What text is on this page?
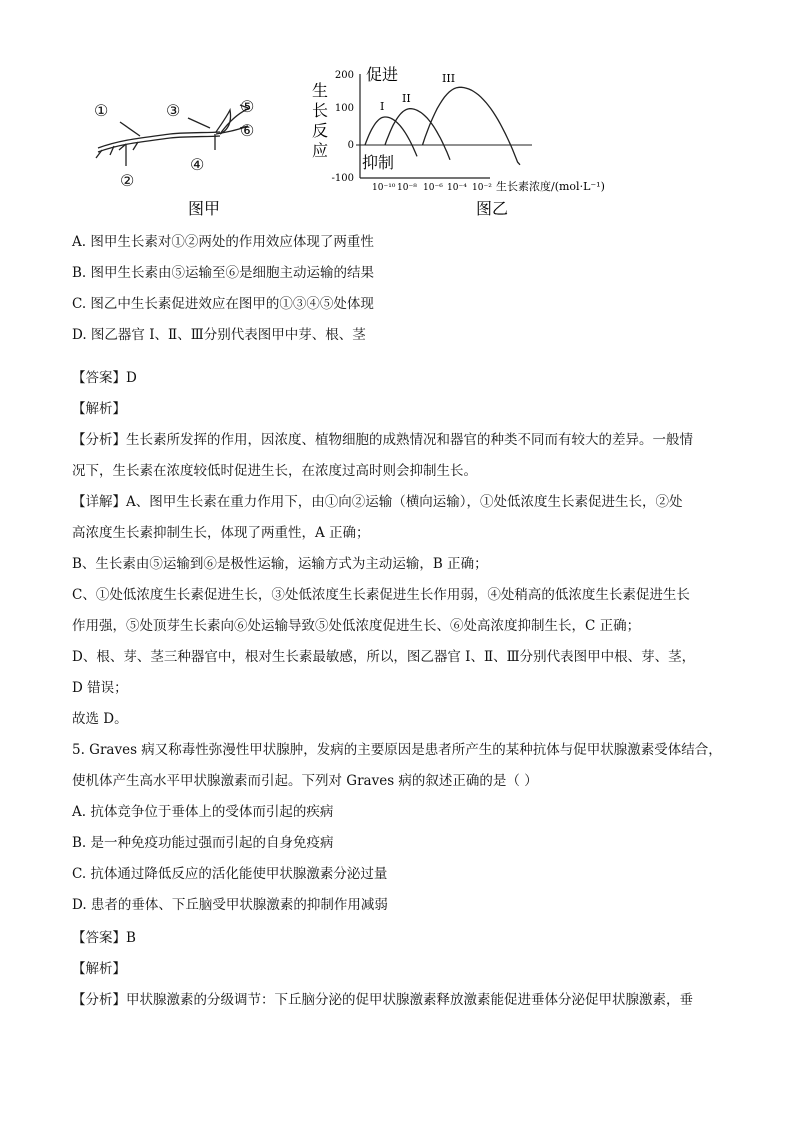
①
②
③
④
⑤
⑥
图甲
生
长
反
应
200
100
0
-100
促进
抑制
I
II
III
10⁻¹⁰ 10⁻⁸ 10⁻⁶ 10⁻⁴ 10⁻² 生长素浓度/(mol·L⁻¹)
图乙
A. 图甲生长素对①②两处的作用效应体现了两重性
B. 图甲生长素由⑤运输至⑥是细胞主动运输的结果
C. 图乙中生长素促进效应在图甲的①③④⑤处体现
D. 图乙器官 I、Ⅱ、Ⅲ分别代表图甲中芽、根、茎
【答案】D
【解析】
【分析】生长素所发挥的作用，因浓度、植物细胞的成熟情况和器官的种类不同而有较大的差异。一般情
况下，生长素在浓度较低时促进生长，在浓度过高时则会抑制生长。
【详解】A、图甲生长素在重力作用下，由①向②运输（横向运输），①处低浓度生长素促进生长，②处
高浓度生长素抑制生长，体现了两重性，A 正确；
B、生长素由⑤运输到⑥是极性运输，运输方式为主动运输，B 正确；
C、①处低浓度生长素促进生长，③处低浓度生长素促进生长作用弱，④处稍高的低浓度生长素促进生长
作用强，⑤处顶芽生长素向⑥处运输导致⑤处低浓度促进生长、⑥处高浓度抑制生长，C 正确；
D、根、芽、茎三种器官中，根对生长素最敏感，所以，图乙器官 I、Ⅱ、Ⅲ分别代表图甲中根、芽、茎，
D 错误；
故选 D。
5. Graves 病又称毒性弥漫性甲状腺肿，发病的主要原因是患者所产生的某种抗体与促甲状腺激素受体结合，
使机体产生高水平甲状腺激素而引起。下列对 Graves 病的叙述正确的是（ ）
A. 抗体竞争位于垂体上的受体而引起的疾病
B. 是一种免疫功能过强而引起的自身免疫病
C. 抗体通过降低反应的活化能使甲状腺激素分泌过量
D. 患者的垂体、下丘脑受甲状腺激素的抑制作用减弱
【答案】B
【解析】
【分析】甲状腺激素的分级调节：下丘脑分泌的促甲状腺激素释放激素能促进垂体分泌促甲状腺激素，垂
